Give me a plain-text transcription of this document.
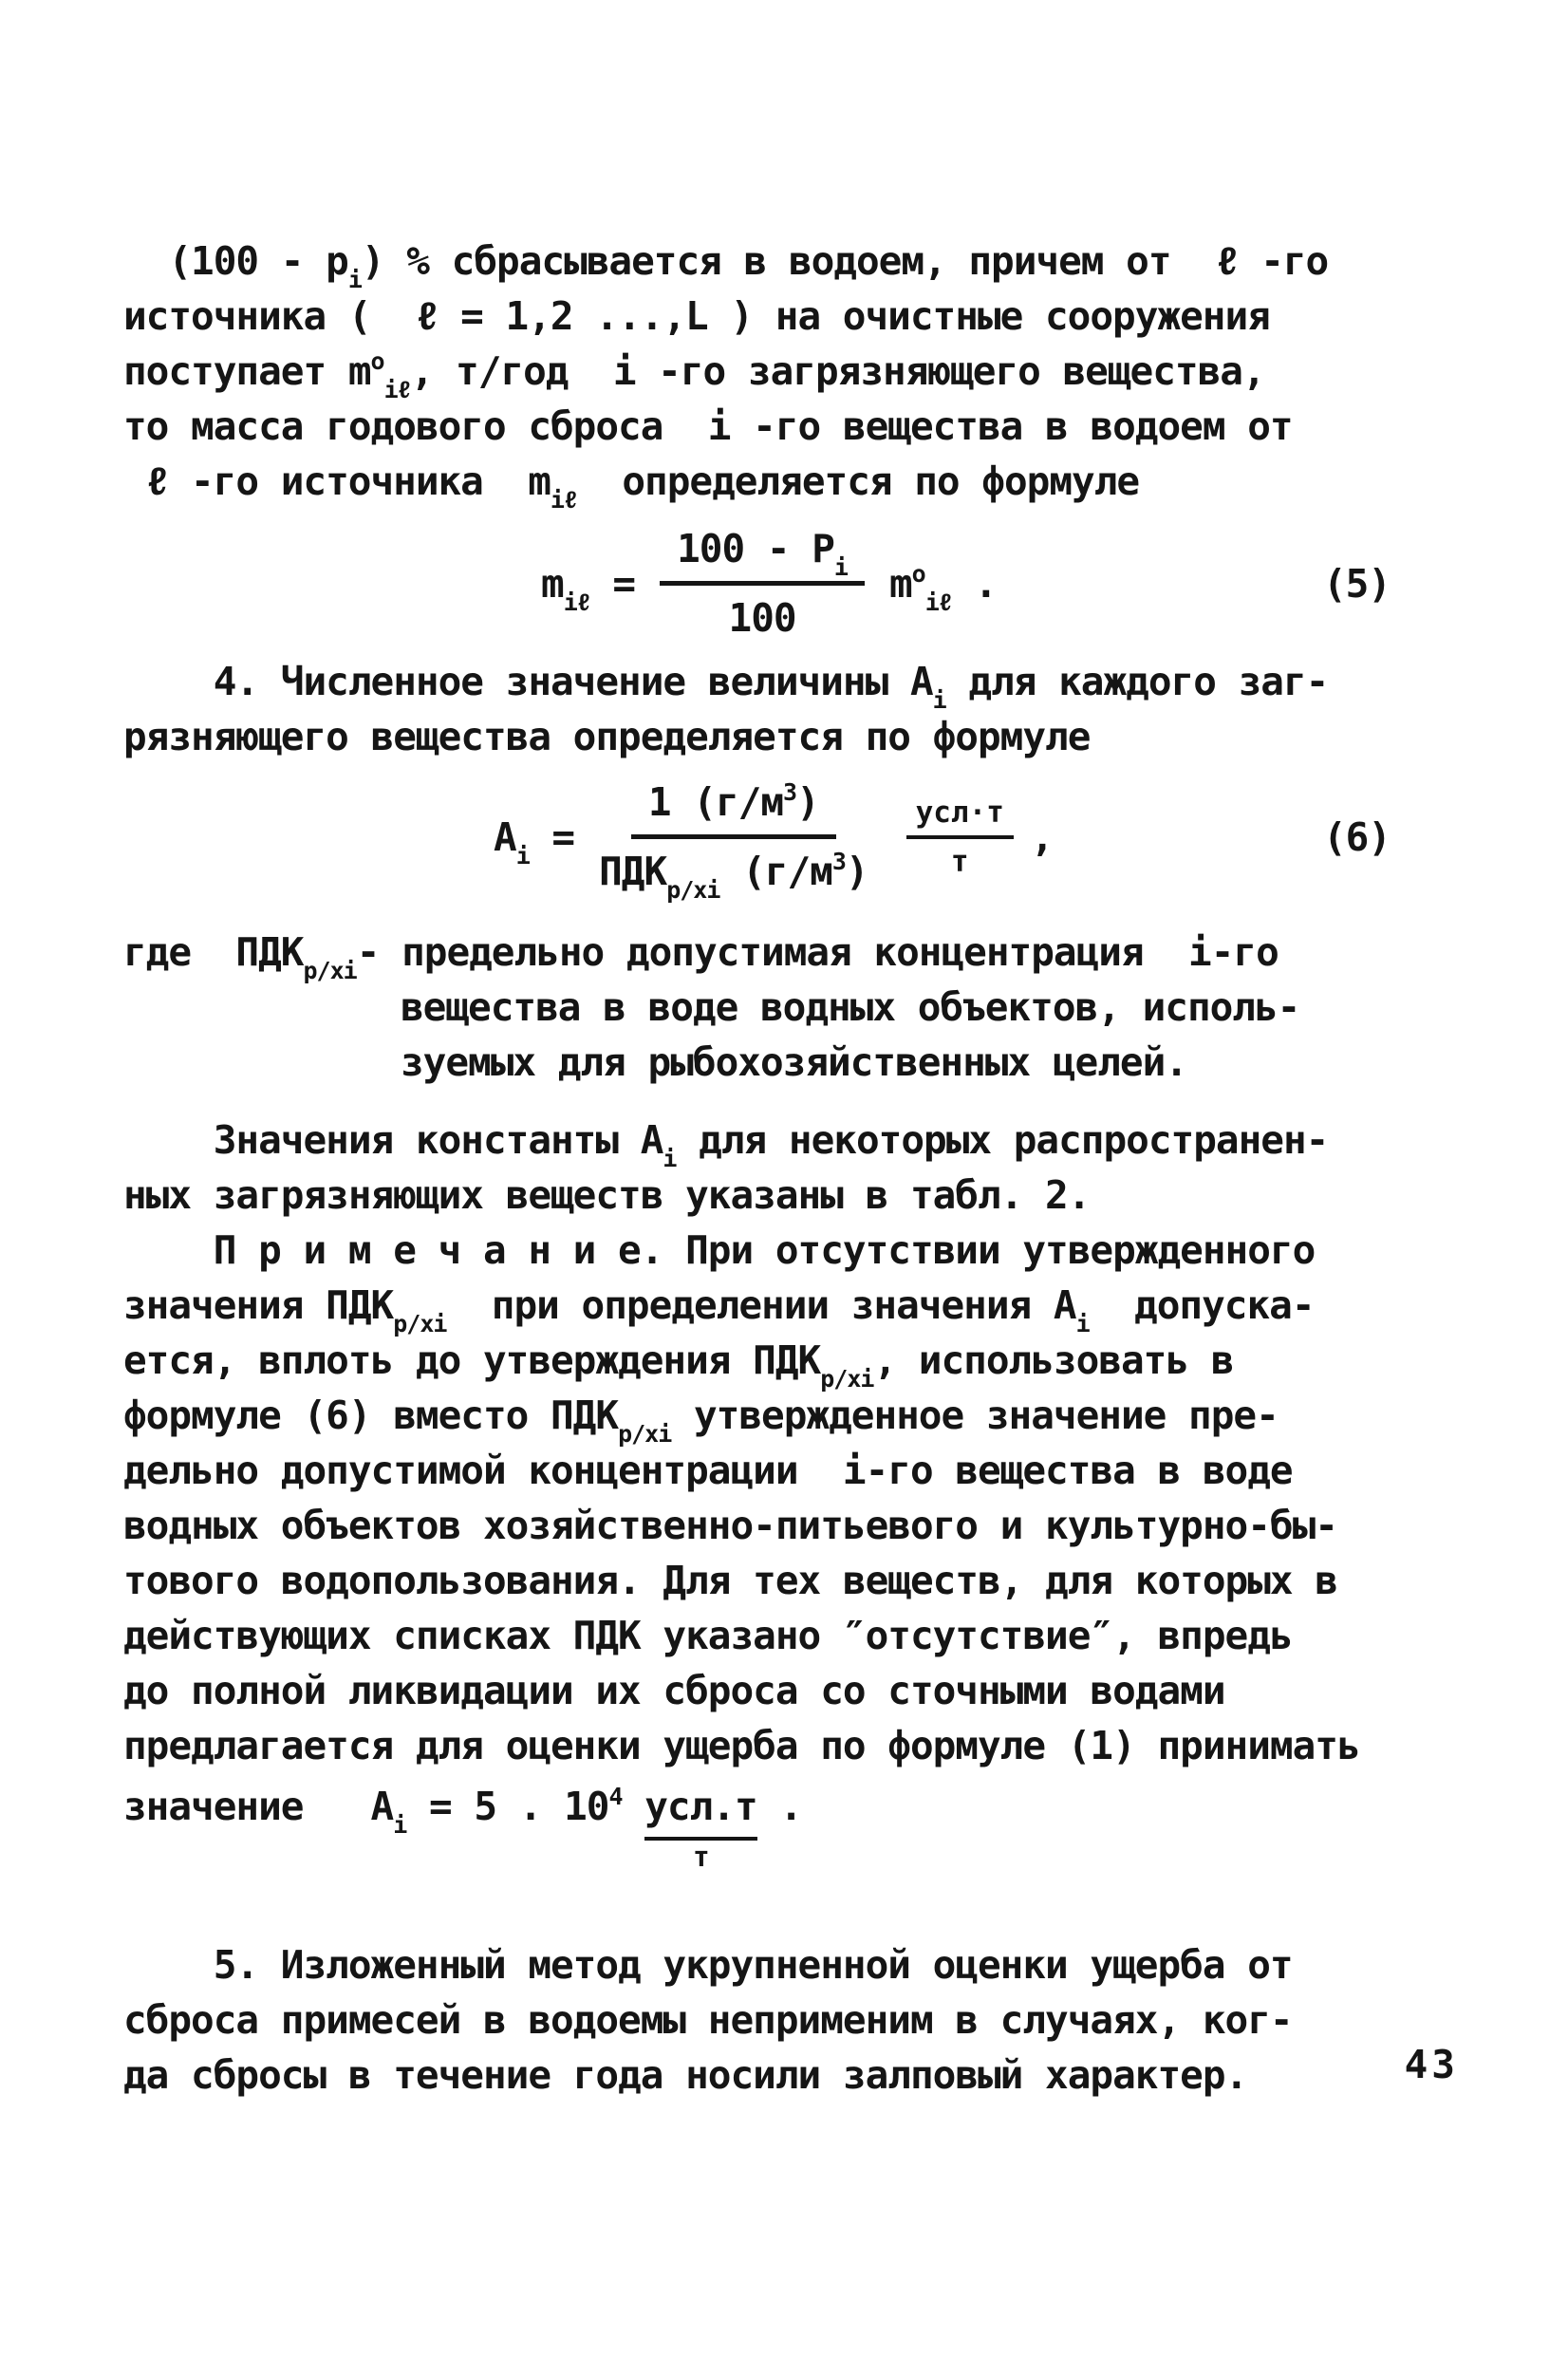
$(100 - p_i)$ % сбрасывается в водоем, причем от  ℓ -го
источника (  ℓ = 1,2 ...,L ) на очистные сооружения
поступает $m^o_{i\ell}$, т/год  i -го загрязняющего вещества,
то масса годового сброса  i -го вещества в водоем от
ℓ -го источника  $m_{i\ell}$  определяется по формуле
$m_{i\ell} = \frac{100 - P_i}{100} m^o_{i\ell}$ .	(5)
4. Численное значение величины $А_i$ для каждого заг-
рязняющего вещества определяется по формуле
$А_i = \frac{1 (г/м^3)}{ПДК_{р/хi} (г/м^3)} \frac{\text{усл·т}}{т}$ ,	(6)
где  $ПДК_{р/хi}-$ предельно допустимая концентрация  i-го
вещества в воде водных объектов, исполь-
зуемых для рыбохозяйственных целей.
Значения константы $А_i$ для некоторых распространен-
ных загрязняющих веществ указаны в табл. 2.
П р и м е ч а н и е. При отсутствии утвержденного
значения $ПДК_{р/хi}$  при определении значения $А_i$  допуска-
ется, вплоть до утверждения $ПДК_{р/хi}$, использовать в
формуле (6) вместо $ПДК_{р/хi}$ утвержденное значение пре-
дельно допустимой концентрации  i-го вещества в воде
водных объектов хозяйственно-питьевого и культурно-бы-
тового водопользования. Для тех веществ, для которых в
действующих списках ПДК указано ″отсутствие″, впредь
до полной ликвидации их сброса со сточными водами
предлагается для оценки ущерба по формуле (1) принимать
значение   $А_i = 5$ . $10^4$ усл.т
т
.
5. Изложенный метод укрупненной оценки ущерба от
сброса примесей в водоемы неприменим в случаях, ког-
да сбросы в течение года носили залповый характер.	43
